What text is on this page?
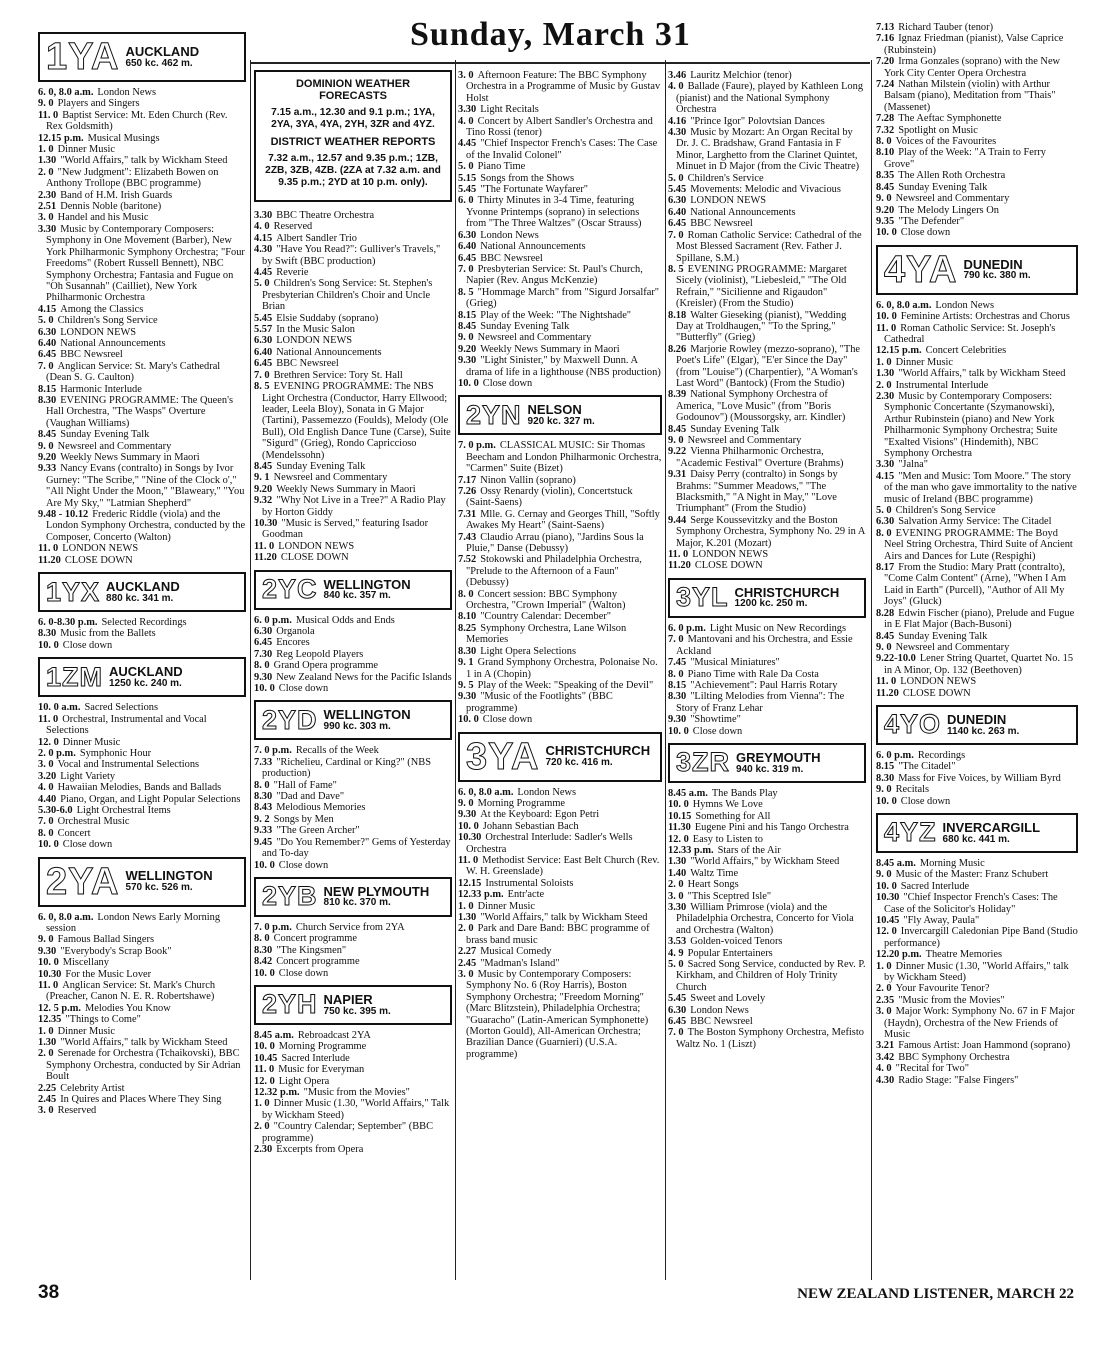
Sunday, March 31
1YA AUCKLAND
650 kc. 462 m.
6. 0, 8.0 a.m. London News
9. 0 Players and Singers
11. 0 Baptist Service: Mt. Eden Church (Rev. Rex Goldsmith)
12.15 p.m. Musical Musings
1. 0 Dinner Music
1.30 "World Affairs," talk by Wickham Steed
2. 0 "New Judgment": Elizabeth Bowen on Anthony Trollope (BBC programme)
2.30 Band of H.M. Irish Guards
2.51 Dennis Noble (baritone)
3. 0 Handel and his Music
3.30 Music by Contemporary Composers: Symphony in One Movement (Barber), New York Philharmonic Symphony Orchestra; "Four Freedoms" (Robert Russell Bennett), NBC Symphony Orchestra; Fantasia and Fugue on "Oh Susannah" (Cailliet), New York Philharmonic Orchestra
4.15 Among the Classics
5. 0 Children's Song Service
6.30 LONDON NEWS
6.40 National Announcements
6.45 BBC Newsreel
7. 0 Anglican Service: St. Mary's Cathedral (Dean S. G. Caulton)
8.15 Harmonic Interlude
8.30 EVENING PROGRAMME: The Queen's Hall Orchestra, "The Wasps" Overture (Vaughan Williams)
8.45 Sunday Evening Talk
9. 0 Newsreel and Commentary
9.20 Weekly News Summary in Maori
9.33 Nancy Evans (contralto) in Songs by Ivor Gurney: "The Scribe," "Nine of the Clock o'," "All Night Under the Moon," "Blaweary," "You Are My Sky," "Latmian Shepherd"
9.48 - 10.12 Frederic Riddle (viola) and the London Symphony Orchestra, conducted by the Composer, Concerto (Walton)
11. 0 LONDON NEWS
11.20 CLOSE DOWN
1YX AUCKLAND
880 kc. 341 m.
6. 0-8.30 p.m. Selected Recordings
8.30 Music from the Ballets
10. 0 Close down
1ZM AUCKLAND
1250 kc. 240 m.
10. 0 a.m. Sacred Selections
11. 0 Orchestral, Instrumental and Vocal Selections
12. 0 Dinner Music
2. 0 p.m. Symphonic Hour
3. 0 Vocal and Instrumental Selections
3.20 Light Variety
4. 0 Hawaiian Melodies, Bands and Ballads
4.40 Piano, Organ, and Light Popular Selections
5.30-6.0 Light Orchestral Items
7. 0 Orchestral Music
8. 0 Concert
10. 0 Close down
2YA WELLINGTON
570 kc. 526 m.
6. 0, 8.0 a.m. London News Early Morning session
9. 0 Famous Ballad Singers
9.30 "Everybody's Scrap Book"
10. 0 Miscellany
10.30 For the Music Lover
11. 0 Anglican Service: St. Mark's Church (Preacher, Canon N. E. R. Robertshawe)
12. 5 p.m. Melodies You Know
12.35 "Things to Come"
1. 0 Dinner Music
1.30 "World Affairs," talk by Wickham Steed
2. 0 Serenade for Orchestra (Tchaikovski), BBC Symphony Orchestra, conducted by Sir Adrian Boult
2.25 Celebrity Artist
2.45 In Quires and Places Where They Sing
3. 0 Reserved

DOMINION WEATHER FORECASTS

7.15 a.m., 12.30 and 9.1 p.m.; 1YA, 2YA, 3YA, 4YA, 2YH, 3ZR and 4YZ.

DISTRICT WEATHER REPORTS

7.32 a.m., 12.57 and 9.35 p.m.; 1ZB, 2ZB, 3ZB, 4ZB. (2ZA at 7.32 a.m. and 9.35 p.m.; 2YD at 10 p.m. only).

3.30 BBC Theatre Orchestra
4. 0 Reserved
4.15 Albert Sandler Trio
4.30 "Have You Read?": Gulliver's Travels," by Swift (BBC production)
4.45 Reverie
5. 0 Children's Song Service: St. Stephen's Presbyterian Children's Choir and Uncle Brian
5.45 Elsie Suddaby (soprano)
5.57 In the Music Salon
6.30 LONDON NEWS
6.40 National Announcements
6.45 BBC Newsreel
7. 0 Brethren Service: Tory St. Hall
8. 5 EVENING PROGRAMME: The NBS Light Orchestra (Conductor, Harry Ellwood; leader, Leela Bloy), Sonata in G Major (Tartini), Passemezzo (Foulds), Melody (Ole Bull), Old English Dance Tune (Carse), Suite "Sigurd" (Grieg), Rondo Capriccioso (Mendelssohn)
8.45 Sunday Evening Talk
9. 1 Newsreel and Commentary
9.20 Weekly News Summary in Maori
9.32 "Why Not Live in a Tree?" A Radio Play by Horton Giddy
10.30 "Music is Served," featuring Isador Goodman
11. 0 LONDON NEWS
11.20 CLOSE DOWN
2YC WELLINGTON
840 kc. 357 m.
6. 0 p.m. Musical Odds and Ends
6.30 Organola
6.45 Encores
7.30 Reg Leopold Players
8. 0 Grand Opera programme
9.30 New Zealand News for the Pacific Islands
10. 0 Close down
2YD WELLINGTON
990 kc. 303 m.
7. 0 p.m. Recalls of the Week
7.33 "Richelieu, Cardinal or King?" (NBS production)
8. 0 "Hall of Fame"
8.30 "Dad and Dave"
8.43 Melodious Memories
9. 2 Songs by Men
9.33 "The Green Archer"
9.45 "Do You Remember?" Gems of Yesterday and To-day
10. 0 Close down
2YB NEW PLYMOUTH
810 kc. 370 m.
7. 0 p.m. Church Service from 2YA
8. 0 Concert programme
8.30 "The Kingsmen"
8.42 Concert programme
10. 0 Close down
2YH NAPIER
750 kc. 395 m.
8.45 a.m. Rebroadcast 2YA
10. 0 Morning Programme
10.45 Sacred Interlude
11. 0 Music for Everyman
12. 0 Light Opera
12.32 p.m. "Music from the Movies"
1. 0 Dinner Music (1.30, "World Affairs," Talk by Wickham Steed)
2. 0 "Country Calendar; September" (BBC programme)
2.30 Excerpts from Opera
3. 0 Afternoon Feature: The BBC Symphony Orchestra in a Programme of Music by Gustav Holst
3.30 Light Recitals
4. 0 Concert by Albert Sandler's Orchestra and Tino Rossi (tenor)
4.45 "Chief Inspector French's Cases: The Case of the Invalid Colonel"
5. 0 Piano Time
5.15 Songs from the Shows
5.45 "The Fortunate Wayfarer"
6. 0 Thirty Minutes in 3-4 Time, featuring Yvonne Printemps (soprano) in selections from "The Three Waltzes" (Oscar Strauss)
6.30 London News
6.40 National Announcements
6.45 BBC Newsreel
7. 0 Presbyterian Service: St. Paul's Church, Napier (Rev. Angus McKenzie)
8. 5 "Hommage March" from "Sigurd Jorsalfar" (Grieg)
8.15 Play of the Week: "The Nightshade"
8.45 Sunday Evening Talk
9. 0 Newsreel and Commentary
9.20 Weekly News Summary in Maori
9.30 "Light Sinister," by Maxwell Dunn. A drama of life in a lighthouse (NBS production)
10. 0 Close down
2YN NELSON
920 kc. 327 m.
7. 0 p.m. CLASSICAL MUSIC: Sir Thomas Beecham and London Philharmonic Orchestra, "Carmen" Suite (Bizet)
7.17 Ninon Vallin (soprano)
7.26 Ossy Renardy (violin), Concertstuck (Saint-Saens)
7.31 Mlle. G. Cernay and Georges Thill, "Softly Awakes My Heart" (Saint-Saens)
7.43 Claudio Arrau (piano), "Jardins Sous la Pluie," Danse (Debussy)
7.52 Stokowski and Philadelphia Orchestra, "Prelude to the Afternoon of a Faun" (Debussy)
8. 0 Concert session: BBC Symphony Orchestra, "Crown Imperial" (Walton)
8.10 "Country Calendar: December"
8.25 Symphony Orchestra, Lane Wilson Memories
8.30 Light Opera Selections
9. 1 Grand Symphony Orchestra, Polonaise No. 1 in A (Chopin)
9. 5 Play of the Week: "Speaking of the Devil"
9.30 "Music of the Footlights" (BBC programme)
10. 0 Close down
3YA CHRISTCHURCH
720 kc. 416 m.
6. 0, 8.0 a.m. London News
9. 0 Morning Programme
9.30 At the Keyboard: Egon Petri
10. 0 Johann Sebastian Bach
10.30 Orchestral Interlude: Sadler's Wells Orchestra
11. 0 Methodist Service: East Belt Church (Rev. W. H. Greenslade)
12.15 Instrumental Soloists
12.33 p.m. Entr'acte
1. 0 Dinner Music
1.30 "World Affairs," talk by Wickham Steed
2. 0 Park and Dare Band: BBC programme of brass band music
2.27 Musical Comedy
2.45 "Madman's Island"
3. 0 Music by Contemporary Composers: Symphony No. 6 (Roy Harris), Boston Symphony Orchestra; "Freedom Morning" (Marc Blitzstein), Philadelphia Orchestra; "Guaracho" (Latin-American Symphonette) (Morton Gould), All-American Orchestra; Brazilian Dance (Guarnieri) (U.S.A. programme)
3.46 Lauritz Melchior (tenor)
4. 0 Ballade (Faure), played by Kathleen Long (pianist) and the National Symphony Orchestra
4.16 "Prince Igor" Polovtsian Dances
4.30 Music by Mozart: An Organ Recital by Dr. J. C. Bradshaw, Grand Fantasia in F Minor, Larghetto from the Clarinet Quintet, Minuet in D Major (from the Civic Theatre)
5. 0 Children's Service
5.45 Movements: Melodic and Vivacious
6.30 LONDON NEWS
6.40 National Announcements
6.45 BBC Newsreel
7. 0 Roman Catholic Service: Cathedral of the Most Blessed Sacrament (Rev. Father J. Spillane, S.M.)
8. 5 EVENING PROGRAMME: Margaret Sicely (violinist), "Liebesleid," "The Old Refrain," "Sicilienne and Rigaudon" (Kreisler) (From the Studio)
8.18 Walter Gieseking (pianist), "Wedding Day at Troldhaugen," "To the Spring," "Butterfly" (Grieg)
8.26 Marjorie Rowley (mezzo-soprano), "The Poet's Life" (Elgar), "E'er Since the Day" (from "Louise") (Charpentier), "A Woman's Last Word" (Bantock) (From the Studio)
8.39 National Symphony Orchestra of America, "Love Music" (from "Boris Godounov") (Moussorgsky, arr. Kindler)
8.45 Sunday Evening Talk
9. 0 Newsreel and Commentary
9.22 Vienna Philharmonic Orchestra, "Academic Festival" Overture (Brahms)
9.31 Daisy Perry (contralto) in Songs by Brahms: "Summer Meadows," "The Blacksmith," "A Night in May," "Love Triumphant" (From the Studio)
9.44 Serge Koussevitzky and the Boston Symphony Orchestra, Symphony No. 29 in A Major, K.201 (Mozart)
11. 0 LONDON NEWS
11.20 CLOSE DOWN
3YL CHRISTCHURCH
1200 kc. 250 m.
6. 0 p.m. Light Music on New Recordings
7. 0 Mantovani and his Orchestra, and Essie Ackland
7.45 "Musical Miniatures"
8. 0 Piano Time with Rale Da Costa
8.15 "Achievement": Paul Harris Rotary
8.30 "Lilting Melodies from Vienna": The Story of Franz Lehar
9.30 "Showtime"
10. 0 Close down
3ZR GREYMOUTH
940 kc. 319 m.
8.45 a.m. The Bands Play
10. 0 Hymns We Love
10.15 Something for All
11.30 Eugene Pini and his Tango Orchestra
12. 0 Easy to Listen to
12.33 p.m. Stars of the Air
1.30 "World Affairs," by Wickham Steed
1.40 Waltz Time
2. 0 Heart Songs
3. 0 "This Sceptred Isle"
3.30 William Primrose (viola) and the Philadelphia Orchestra, Concerto for Viola and Orchestra (Walton)
3.53 Golden-voiced Tenors
4. 9 Popular Entertainers
5. 0 Sacred Song Service, conducted by Rev. P. Kirkham, and Children of Holy Trinity Church
5.45 Sweet and Lovely
6.30 London News
6.45 BBC Newsreel
7. 0 The Boston Symphony Orchestra, Mefisto Waltz No. 1 (Liszt)
7.13 Richard Tauber (tenor)
7.16 Ignaz Friedman (pianist), Valse Caprice (Rubinstein)
7.20 Irma Gonzales (soprano) with the New York City Center Opera Orchestra
7.24 Nathan Milstein (violin) with Arthur Balsam (piano), Meditation from "Thais" (Massenet)
7.28 The Aeftac Symphonette
7.32 Spotlight on Music
8. 0 Voices of the Favourites
8.10 Play of the Week: "A Train to Ferry Grove"
8.35 The Allen Roth Orchestra
8.45 Sunday Evening Talk
9. 0 Newsreel and Commentary
9.20 The Melody Lingers On
9.35 "The Defender"
10. 0 Close down
4YA DUNEDIN
790 kc. 380 m.
6. 0, 8.0 a.m. London News
10. 0 Feminine Artists: Orchestras and Chorus
11. 0 Roman Catholic Service: St. Joseph's Cathedral
12.15 p.m. Concert Celebrities
1. 0 Dinner Music
1.30 "World Affairs," talk by Wickham Steed
2. 0 Instrumental Interlude
2.30 Music by Contemporary Composers: Symphonic Concertante (Szymanowski), Arthur Rubinstein (piano) and New York Philharmonic Symphony Orchestra; Suite "Exalted Visions" (Hindemith), NBC Symphony Orchestra
3.30 "Jalna"
4.15 "Men and Music: Tom Moore." The story of the man who gave immortality to the native music of Ireland (BBC programme)
5. 0 Children's Song Service
6.30 Salvation Army Service: The Citadel
8. 0 EVENING PROGRAMME: The Boyd Neel String Orchestra, Third Suite of Ancient Airs and Dances for Lute (Respighi)
8.17 From the Studio: Mary Pratt (contralto), "Come Calm Content" (Arne), "When I Am Laid in Earth" (Purcell), "Author of All My Joys" (Gluck)
8.28 Edwin Fischer (piano), Prelude and Fugue in E Flat Major (Bach-Busoni)
8.45 Sunday Evening Talk
9. 0 Newsreel and Commentary
9.22-10.0 Lener String Quartet, Quartet No. 15 in A Minor, Op. 132 (Beethoven)
11. 0 LONDON NEWS
11.20 CLOSE DOWN
4YO DUNEDIN
1140 kc. 263 m.
6. 0 p.m. Recordings
8.15 "The Citadel"
8.30 Mass for Five Voices, by William Byrd
9. 0 Recitals
10. 0 Close down
4YZ INVERCARGILL
680 kc. 441 m.
8.45 a.m. Morning Music
9. 0 Music of the Master: Franz Schubert
10. 0 Sacred Interlude
10.30 "Chief Inspector French's Cases: The Case of the Solicitor's Holiday"
10.45 "Fly Away, Paula"
12. 0 Invercargill Caledonian Pipe Band (Studio performance)
12.20 p.m. Theatre Memories
1. 0 Dinner Music (1.30, "World Affairs," talk by Wickham Steed)
2. 0 Your Favourite Tenor?
2.35 "Music from the Movies"
3. 0 Major Work: Symphony No. 67 in F Major (Haydn), Orchestra of the New Friends of Music
3.21 Famous Artist: Joan Hammond (soprano)
3.42 BBC Symphony Orchestra
4. 0 "Recital for Two"
4.30 Radio Stage: "False Fingers"
38	NEW ZEALAND LISTENER, MARCH 22
